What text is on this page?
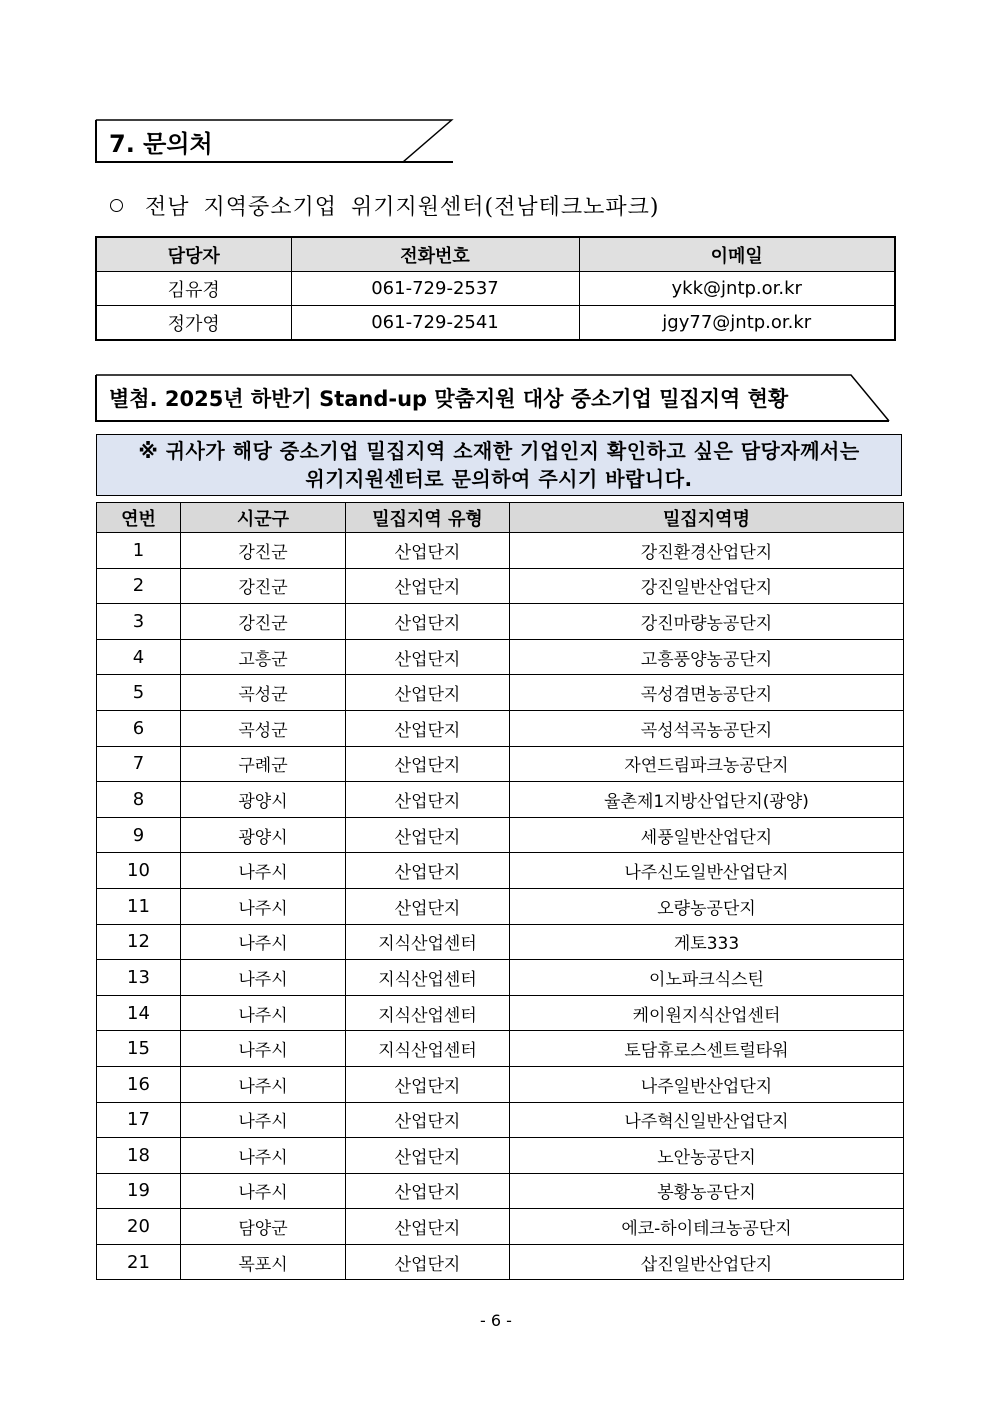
7. 문의처
전남 지역중소기업 위기지원센터(전남테크노파크)
담당자	전화번호	이메일
김유경	061-729-2537	ykk@jntp.or.kr
정가영	061-729-2541	jgy77@jntp.or.kr
별첨. 2025년 하반기 Stand-up 맞춤지원 대상 중소기업 밀집지역 현황
※ 귀사가 해당 중소기업 밀집지역 소재한 기업인지 확인하고 싶은 담당자께서는
위기지원센터로 문의하여 주시기 바랍니다.
연번	시군구	밀집지역 유형	밀집지역명
1	강진군	산업단지	강진환경산업단지
2	강진군	산업단지	강진일반산업단지
3	강진군	산업단지	강진마량농공단지
4	고흥군	산업단지	고흥풍양농공단지
5	곡성군	산업단지	곡성겸면농공단지
6	곡성군	산업단지	곡성석곡농공단지
7	구례군	산업단지	자연드림파크농공단지
8	광양시	산업단지	율촌제1지방산업단지(광양)
9	광양시	산업단지	세풍일반산업단지
10	나주시	산업단지	나주신도일반산업단지
11	나주시	산업단지	오량농공단지
12	나주시	지식산업센터	게토333
13	나주시	지식산업센터	이노파크식스틴
14	나주시	지식산업센터	케이원지식산업센터
15	나주시	지식산업센터	토담휴로스센트럴타워
16	나주시	산업단지	나주일반산업단지
17	나주시	산업단지	나주혁신일반산업단지
18	나주시	산업단지	노안농공단지
19	나주시	산업단지	봉황농공단지
20	담양군	산업단지	에코-하이테크농공단지
21	목포시	산업단지	삽진일반산업단지
- 6 -
